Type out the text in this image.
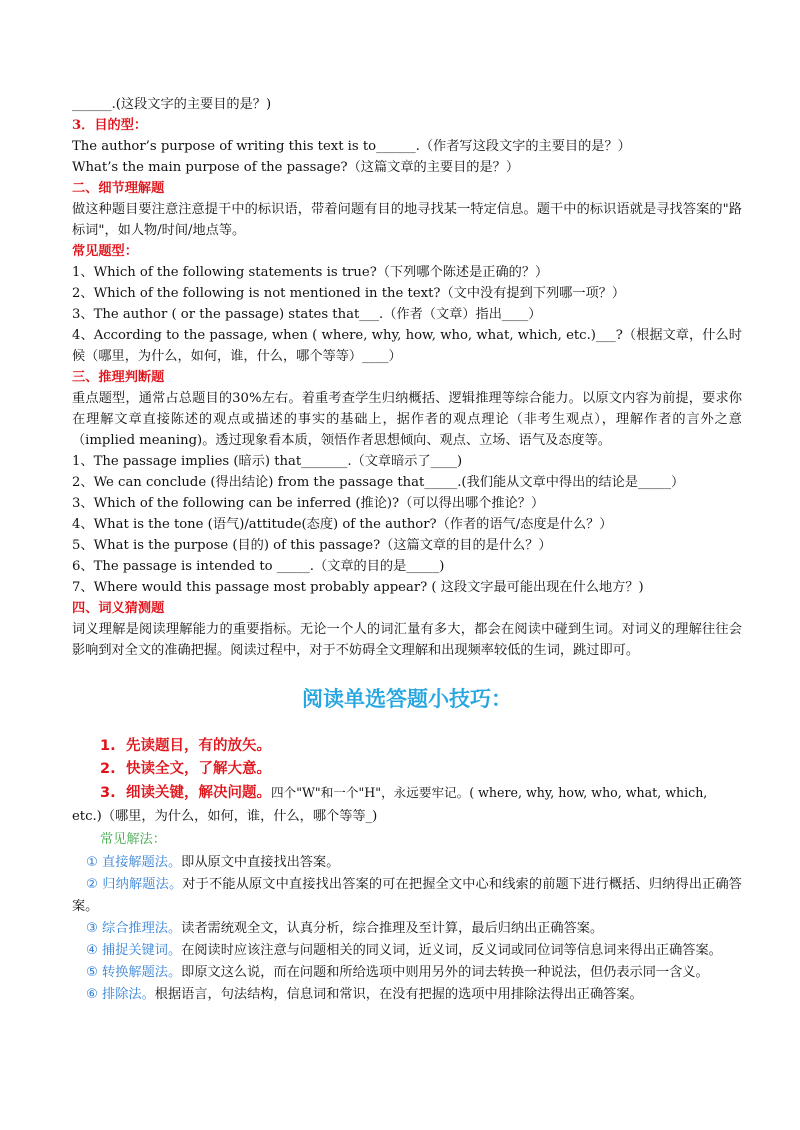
______.(这段文字的主要目的是？)
3．目的型：
The author’s purpose of writing this text is to______.（作者写这段文字的主要目的是？）
What’s the main purpose of the passage?（这篇文章的主要目的是？）
二、细节理解题
做这种题目要注意注意提干中的标识语，带着问题有目的地寻找某一特定信息。题干中的标识语就是寻找答案的"路标词"，如人物/时间/地点等。
常见题型：
1、Which of the following statements is true?（下列哪个陈述是正确的？）
2、Which of the following is not mentioned in the text?（文中没有提到下列哪一项？）
3、The author ( or the passage) states that___.（作者（文章）指出____）
4、According to the passage, when ( where, why, how, who, what, which, etc.)___?（根据文章，什么时候（哪里，为什么，如何，谁，什么，哪个等等）____）
三、推理判断题
重点题型，通常占总题目的30%左右。着重考查学生归纳概括、逻辑推理等综合能力。以原文内容为前提，要求你在理解文章直接陈述的观点或描述的事实的基础上，据作者的观点理论（非考生观点），理解作者的言外之意（implied meaning)。透过现象看本质，领悟作者思想倾向、观点、立场、语气及态度等。
1、The passage implies (暗示) that_______.（文章暗示了____)
2、We can conclude (得出结论) from the passage that_____.(我们能从文章中得出的结论是_____）
3、Which of the following can be inferred (推论)?（可以得出哪个推论？）
4、What is the tone (语气)/attitude(态度) of the author?（作者的语气/态度是什么？）
5、What is the purpose (目的) of this passage?（这篇文章的目的是什么？）
6、The passage is intended to _____.（文章的目的是_____)
7、Where would this passage most probably appear? ( 这段文字最可能出现在什么地方？)
四、词义猜测题
词义理解是阅读理解能力的重要指标。无论一个人的词汇量有多大，都会在阅读中碰到生词。对词义的理解往往会影响到对全文的准确把握。阅读过程中，对于不妨碍全文理解和出现频率较低的生词，跳过即可。
阅读单选答题小技巧：
1. 先读题目，有的放矢。
2. 快读全文，了解大意。
3. 细读关键，解决问题。四个"W"和一个"H"，永远要牢记。( where, why, how, who, what, which,
etc.)（哪里，为什么，如何，谁，什么，哪个等等_)
常见解法：
① 直接解题法。即从原文中直接找出答案。
② 归纳解题法。对于不能从原文中直接找出答案的可在把握全文中心和线索的前题下进行概括、归纳得出正确答案。
③ 综合推理法。读者需统观全文，认真分析，综合推理及至计算，最后归纳出正确答案。
④ 捕捉关键词。在阅读时应该注意与问题相关的同义词，近义词，反义词或同位词等信息词来得出正确答案。
⑤ 转换解题法。即原文这么说，而在问题和所给选项中则用另外的词去转换一种说法，但仍表示同一含义。
⑥ 排除法。根据语言，句法结构，信息词和常识，在没有把握的选项中用排除法得出正确答案。
